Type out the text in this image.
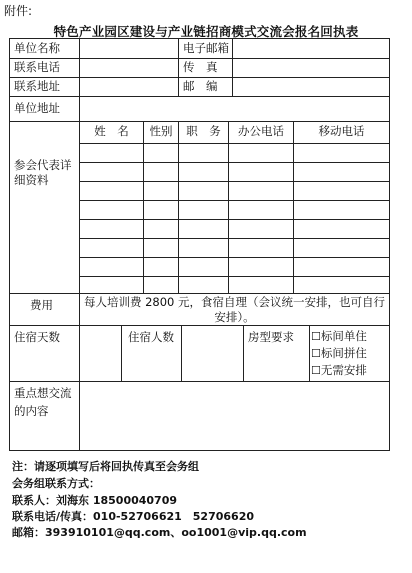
附件:
特色产业园区建设与产业链招商模式交流会报名回执表
单位名称	电子邮箱
联系电话	传　真
联系地址	邮　编
单位地址
参会代表详细资料
姓　名	性别	职　务	办公电话	移动电话
费用	每人培训费 2800 元，食宿自理（会议统一安排，也可自行安排）。
住宿天数	住宿人数	房型要求
☐	标间单住
☐ 标间拼住
☐ 无需安排
重点想交流的内容
注：请逐项填写后将回执传真至会务组
会务组联系方式：
联系人：刘海东 18500040709
联系电话/传真：010-52706621　52706620
邮箱：393910101@qq.com、oo1001@vip.qq.com
